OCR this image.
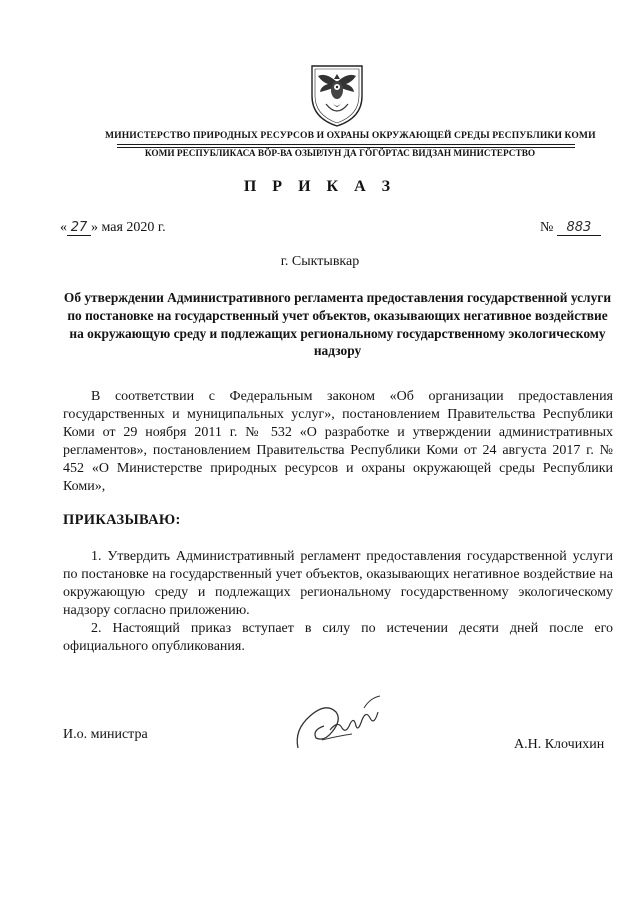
МИНИСТЕРСТВО ПРИРОДНЫХ РЕСУРСОВ И ОХРАНЫ ОКРУЖАЮЩЕЙ СРЕДЫ РЕСПУБЛИКИ КОМИ
КОМИ РЕСПУБЛИКАСА ВӦР-ВА ОЗЫРЛУН ДА ГӦГӦРТАС ВИДЗАН МИНИСТЕРСТВО
П Р И К А З
« 27 » мая 2020 г.	№ 883
г. Сыктывкар
Об утверждении Административного регламента предоставления государственной услуги по постановке на государственный учет объектов, оказывающих негативное воздействие на окружающую среду и подлежащих региональному государственному экологическому надзору
В соответствии с Федеральным законом «Об организации предоставления государственных и муниципальных услуг», постановлением Правительства Республики Коми от 29 ноября 2011 г. № 532 «О разработке и утверждении административных регламентов», постановлением Правительства Республики Коми от 24 августа 2017 г. № 452 «О Министерстве природных ресурсов и охраны окружающей среды Республики Коми»,
ПРИКАЗЫВАЮ:
1. Утвердить Административный регламент предоставления государственной услуги по постановке на государственный учет объектов, оказывающих негативное воздействие на окружающую среду и подлежащих региональному государственному экологическому надзору согласно приложению.
2. Настоящий приказ вступает в силу по истечении десяти дней после его официального опубликования.
И.о. министра
А.Н. Клочихин
